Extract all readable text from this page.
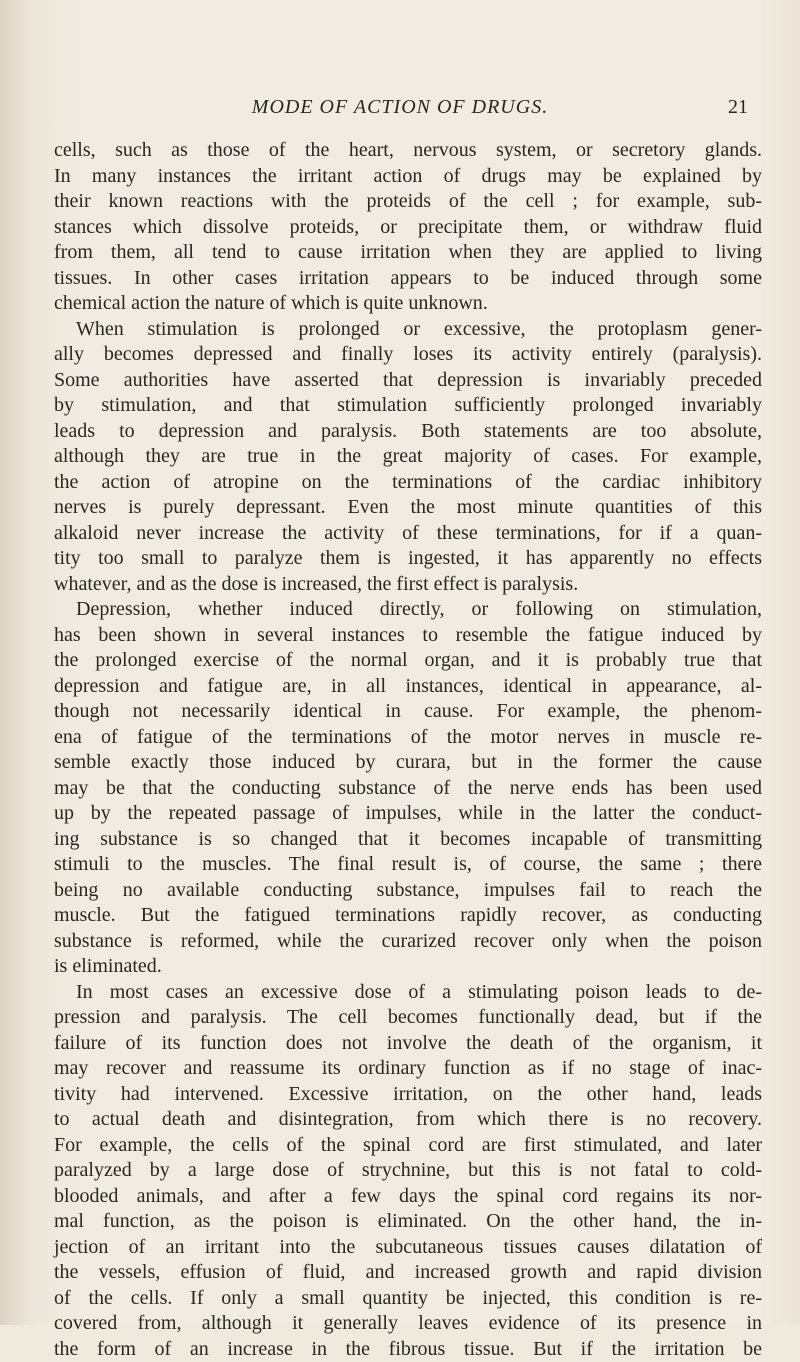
MODE OF ACTION OF DRUGS.	21
cells, such as those of the heart, nervous system, or secretory glands.
In many instances the irritant action of drugs may be explained by
their known reactions with the proteids of the cell ; for example, sub-
stances which dissolve proteids, or precipitate them, or withdraw fluid
from them, all tend to cause irritation when they are applied to living
tissues. In other cases irritation appears to be induced through some
chemical action the nature of which is quite unknown.
When stimulation is prolonged or excessive, the protoplasm gener-
ally becomes depressed and finally loses its activity entirely (paralysis).
Some authorities have asserted that depression is invariably preceded
by stimulation, and that stimulation sufficiently prolonged invariably
leads to depression and paralysis. Both statements are too absolute,
although they are true in the great majority of cases. For example,
the action of atropine on the terminations of the cardiac inhibitory
nerves is purely depressant. Even the most minute quantities of this
alkaloid never increase the activity of these terminations, for if a quan-
tity too small to paralyze them is ingested, it has apparently no effects
whatever, and as the dose is increased, the first effect is paralysis.
Depression, whether induced directly, or following on stimulation,
has been shown in several instances to resemble the fatigue induced by
the prolonged exercise of the normal organ, and it is probably true that
depression and fatigue are, in all instances, identical in appearance, al-
though not necessarily identical in cause. For example, the phenom-
ena of fatigue of the terminations of the motor nerves in muscle re-
semble exactly those induced by curara, but in the former the cause
may be that the conducting substance of the nerve ends has been used
up by the repeated passage of impulses, while in the latter the conduct-
ing substance is so changed that it becomes incapable of transmitting
stimuli to the muscles. The final result is, of course, the same ; there
being no available conducting substance, impulses fail to reach the
muscle. But the fatigued terminations rapidly recover, as conducting
substance is reformed, while the curarized recover only when the poison
is eliminated.
In most cases an excessive dose of a stimulating poison leads to de-
pression and paralysis. The cell becomes functionally dead, but if the
failure of its function does not involve the death of the organism, it
may recover and reassume its ordinary function as if no stage of inac-
tivity had intervened. Excessive irritation, on the other hand, leads
to actual death and disintegration, from which there is no recovery.
For example, the cells of the spinal cord are first stimulated, and later
paralyzed by a large dose of strychnine, but this is not fatal to cold-
blooded animals, and after a few days the spinal cord regains its nor-
mal function, as the poison is eliminated. On the other hand, the in-
jection of an irritant into the subcutaneous tissues causes dilatation of
the vessels, effusion of fluid, and increased growth and rapid division
of the cells. If only a small quantity be injected, this condition is re-
covered from, although it generally leaves evidence of its presence in
the form of an increase in the fibrous tissue. But if the irritation be
